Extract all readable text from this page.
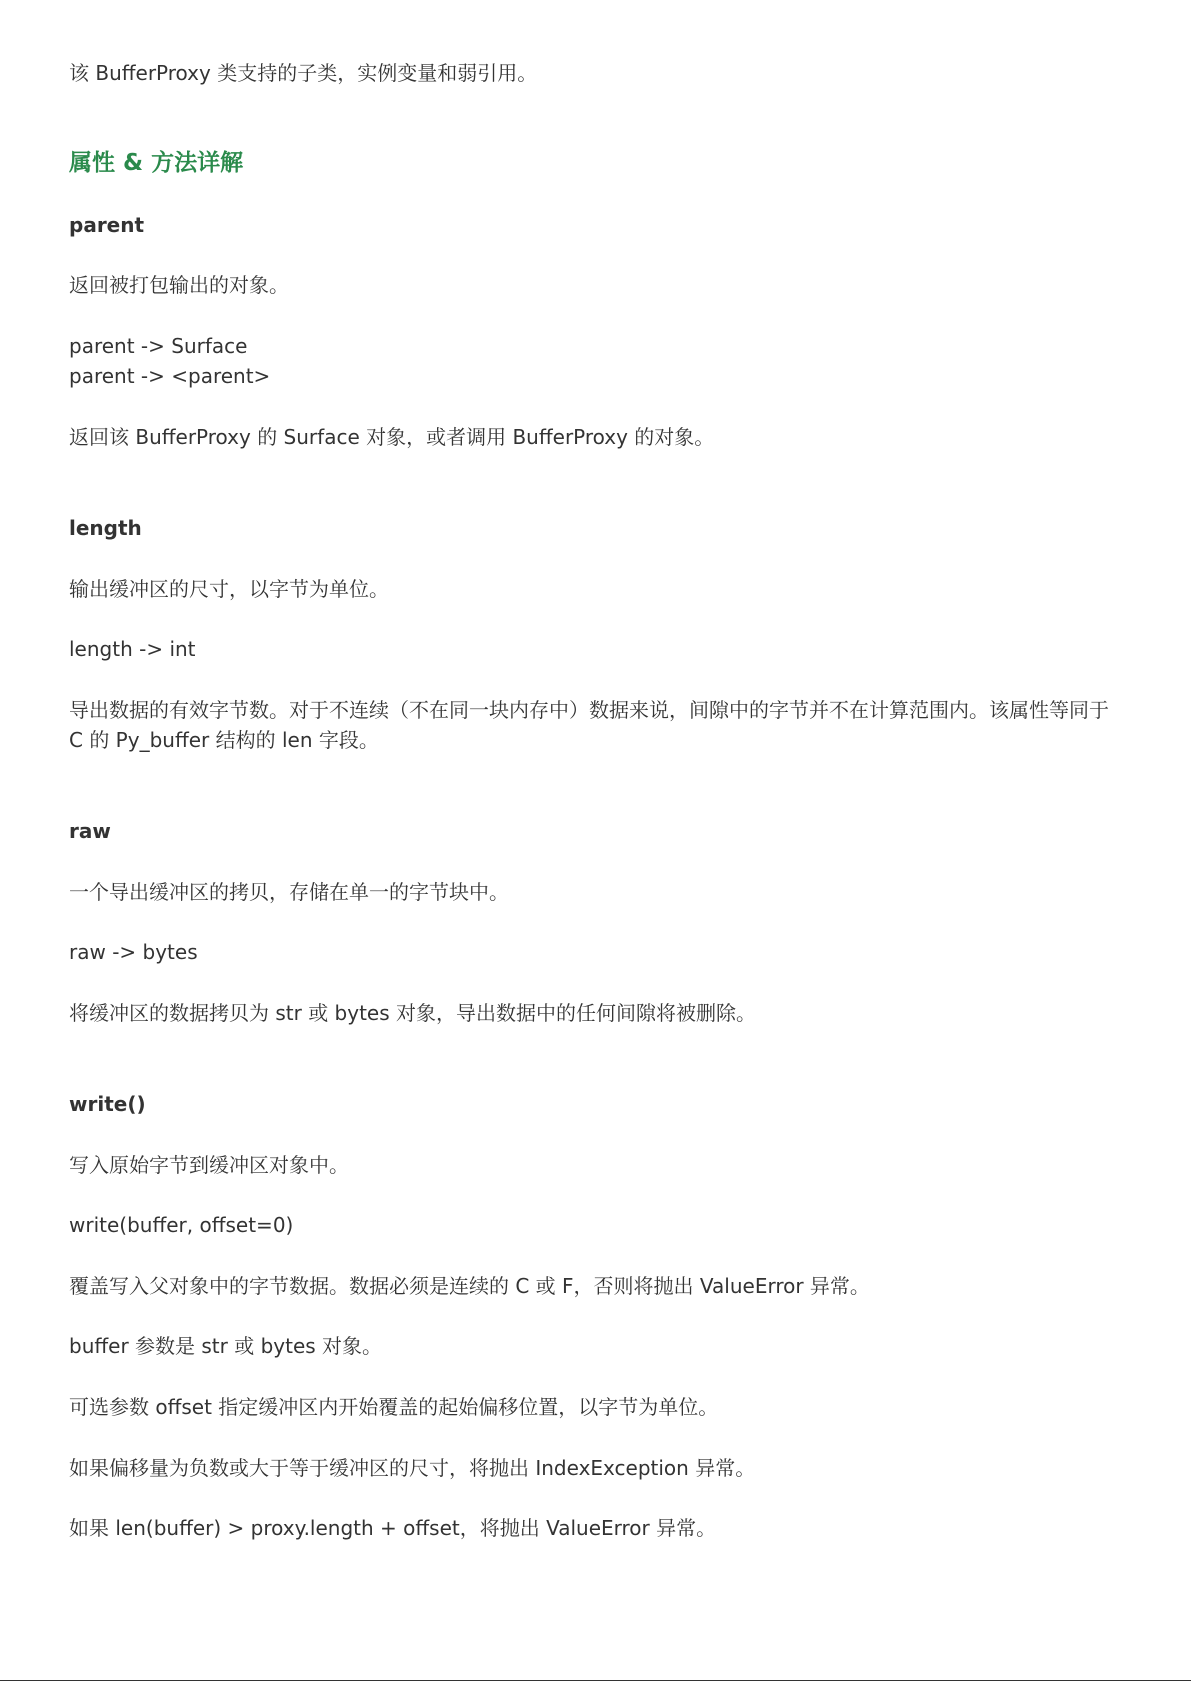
该 BufferProxy 类支持的子类，实例变量和弱引用。

属性 & 方法详解
parent

返回被打包输出的对象。

parent -> Surface

parent -> <parent>

返回该 BufferProxy 的 Surface 对象，或者调用 BufferProxy 的对象。

length

输出缓冲区的尺寸，以字节为单位。

length -> int

导出数据的有效字节数。对于不连续（不在同一块内存中）数据来说，间隙中的字节并不在计算范围内。该属性等同于

C 的 Py_buffer 结构的 len 字段。

raw

一个导出缓冲区的拷贝，存储在单一的字节块中。

raw -> bytes

将缓冲区的数据拷贝为 str 或 bytes 对象，导出数据中的任何间隙将被删除。

write()

写入原始字节到缓冲区对象中。

write(buffer, offset=0)

覆盖写入父对象中的字节数据。数据必须是连续的 C 或 F，否则将抛出 ValueError 异常。

buffer 参数是 str 或 bytes 对象。

可选参数 offset 指定缓冲区内开始覆盖的起始偏移位置，以字节为单位。

如果偏移量为负数或大于等于缓冲区的尺寸，将抛出 IndexException 异常。

如果 len(buffer) > proxy.length + offset，将抛出 ValueError 异常。
